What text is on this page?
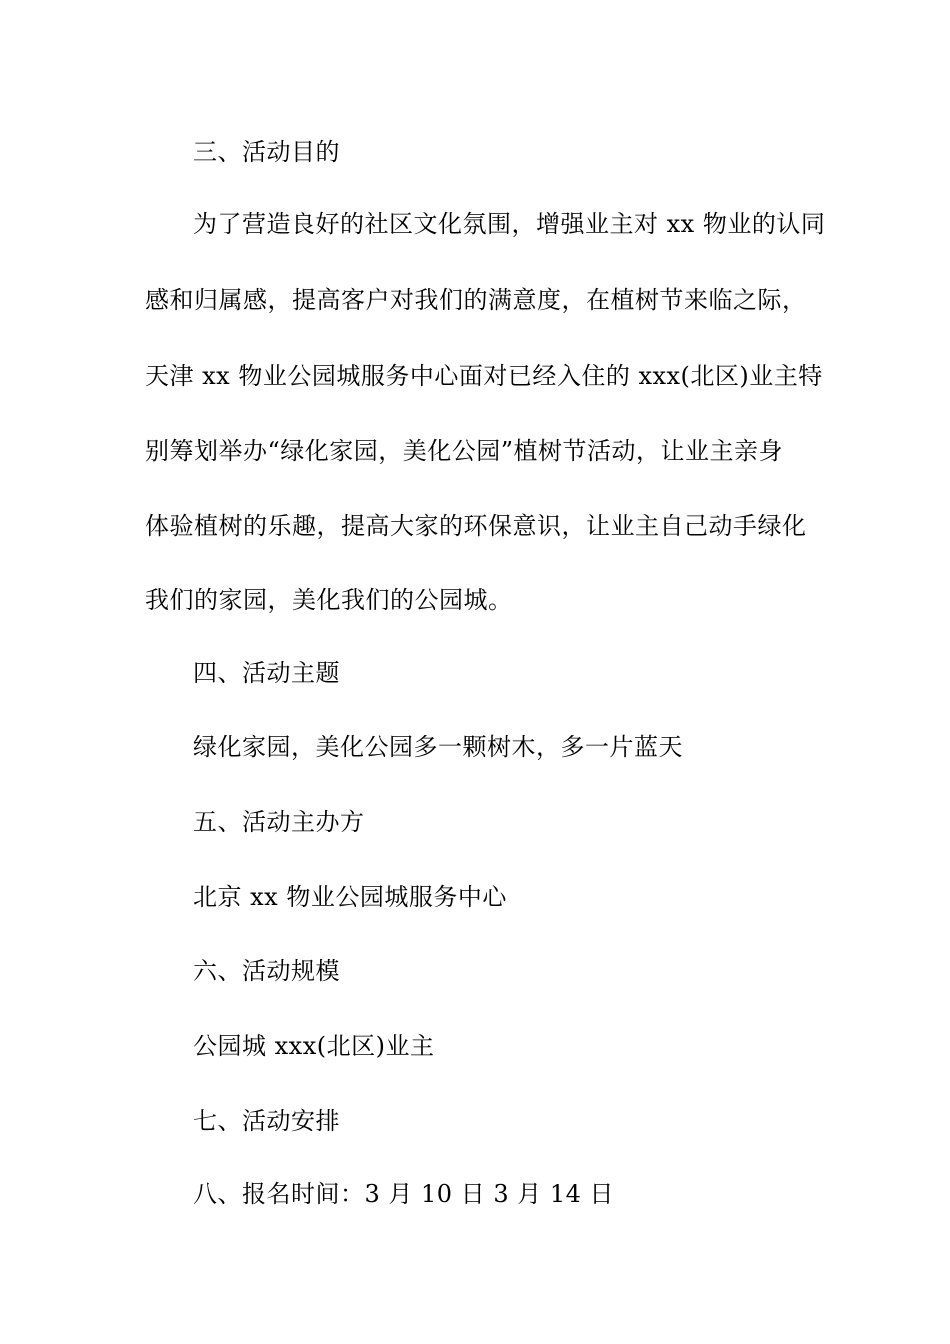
三、活动目的
为了营造良好的社区文化氛围，增强业主对 xx 物业的认同
感和归属感，提高客户对我们的满意度，在植树节来临之际，
天津 xx 物业公园城服务中心面对已经入住的 xxx(北区)业主特
别筹划举办“绿化家园，美化公园”植树节活动，让业主亲身
体验植树的乐趣，提高大家的环保意识，让业主自己动手绿化
我们的家园，美化我们的公园城。
四、活动主题
绿化家园，美化公园多一颗树木，多一片蓝天
五、活动主办方
北京 xx 物业公园城服务中心
六、活动规模
公园城 xxx(北区)业主
七、活动安排
八、报名时间：3 月 10 日 3 月 14 日
